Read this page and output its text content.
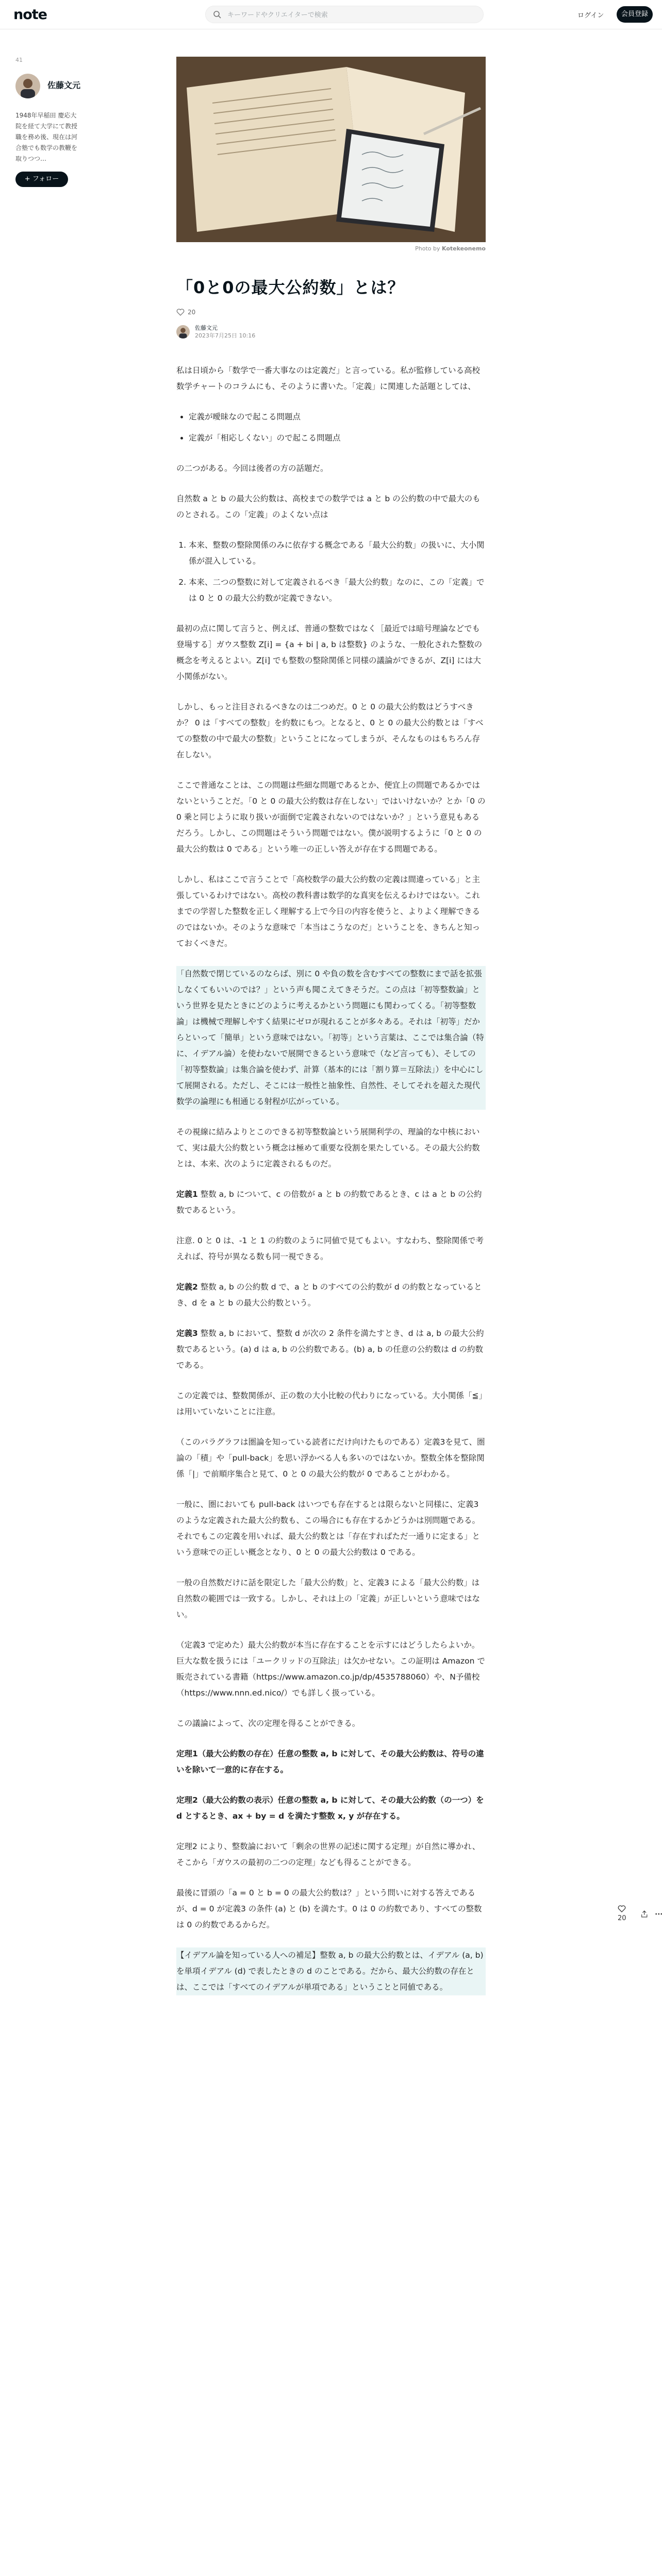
note
キーワードやクリエイターで検索	ログイン	会員登録
41
佐藤文元
1948年早稲田 慶応大院を経て大学にて教授職を務め後、現在は河合塾でも数学の教鞭を取りつつ…
+ フォロー
Photo by Kotekeonemo
「0と0の最大公約数」とは？
20
佐藤文元
2023年7月25日 10:16

私は日頃から「数学で一番大事なのは定義だ」と言っている。私が監修している高校数学チャートのコラムにも、そのように書いた。「定義」に関連した話題としては、

• 定義が曖昧なので起こる問題点
• 定義が「相応しくない」ので起こる問題点

の二つがある。今回は後者の方の話題だ。

自然数 a と b の最大公約数は、高校までの数学では a と b の公約数の中で最大のものとされる。この「定義」のよくない点は

1. 本来、整数の整除関係のみに依存する概念である「最大公約数」の扱いに、大小関係が混入している。
2. 本来、二つの整数に対して定義されるべき「最大公約数」なのに、この「定義」では 0 と 0 の最大公約数が定義できない。

最初の点に関して言うと、例えば、普通の整数ではなく［最近では暗号理論などでも登場する］ガウス整数 Z[i] = {a + bi | a, b は整数} のような、一般化された整数の概念を考えるとよい。Z[i] でも整数の整除関係と同様の議論ができるが、Z[i] には大小関係がない。

しかし、もっと注目されるべきなのは二つめだ。0 と 0 の最大公約数はどうすべきか？ 0 は「すべての整数」を約数にもつ。となると、0 と 0 の最大公約数とは「すべての整数の中で最大の整数」ということになってしまうが、そんなものはもちろん存在しない。

ここで普通なことは、この問題は些細な問題であるとか、便宜上の問題であるかではないということだ。「0 と 0 の最大公約数は存在しない」ではいけないか？とか「0 の 0 乗と同じように取り扱いが面倒で定義されないのではないか？」という意見もあるだろう。しかし、この問題はそういう問題ではない。僕が説明するように「0 と 0 の最大公約数は 0 である」という唯一の正しい答えが存在する問題である。

しかし、私はここで言うことで「高校数学の最大公約数の定義は間違っている」と主張しているわけではない。高校の教科書は数学的な真実を伝えるわけではない。これまでの学習した整数を正しく理解する上で今日の内容を使うと、よりよく理解できるのではないか。そのような意味で「本当はこうなのだ」ということを、きちんと知っておくべきだ。

「自然数で閉じているのならば、別に 0 や負の数を含むすべての整数にまで話を拡張しなくてもいいのでは？」という声も聞こえてきそうだ。この点は「初等整数論」という世界を見たときにどのように考えるかという問題にも関わってくる。「初等整数論」は機械で理解しやすく結果にゼロが現れることが多々ある。それは「初等」だからといって「簡単」という意味ではない。「初等」という言葉は、ここでは集合論（特に、イデアル論）を使わないで展開できるという意味で（など言っても）、そしての「初等整数論」は集合論を使わず、計算（基本的には「割り算＝互除法」）を中心にして展開される。ただし、そこには一般性と抽象性、自然性、そしてそれを超えた現代数学の論理にも相通じる射程が広がっている。

その視線に結みよりとこのできる初等整数論という展開利学の、理論的な中核において、実は最大公約数という概念は極めて重要な役割を果たしている。その最大公約数とは、本来、次のように定義されるものだ。

定義1 整数 a, b について、c の倍数が a と b の約数であるとき、c は a と b の公約数であるという。

注意. 0 と 0 は、-1 と 1 の約数のように同値で見てもよい。すなわち、整除関係で考えれば、符号が異なる数も同一視できる。

定義2 整数 a, b の公約数 d で、a と b のすべての公約数が d の約数となっているとき、d を a と b の最大公約数という。

定義3 整数 a, b において、整数 d が次の 2 条件を満たすとき、d は a, b の最大公約数であるという。(a) d は a, b の公約数である。(b) a, b の任意の公約数は d の約数である。

この定義では、整数関係が、正の数の大小比較の代わりになっている。大小関係「≦」は用いていないことに注意。

（このパラグラフは圏論を知っている読者にだけ向けたものである）定義3を見て、圏論の「積」や「pull-back」を思い浮かべる人も多いのではないか。整数全体を整除関係「|」で前順序集合と見て、0 と 0 の最大公約数が 0 であることがわかる。

一般に、圏においても pull-back はいつでも存在するとは限らないと同様に、定義3のような定義された最大公約数も、この場合にも存在するかどうかは別問題である。それでもこの定義を用いれば、最大公約数とは「存在すればただ一通りに定まる」という意味での正しい概念となり、0 と 0 の最大公約数は 0 である。

一般の自然数だけに話を限定した「最大公約数」と、定義3 による「最大公約数」は自然数の範囲では一致する。しかし、それは上の「定義」が正しいという意味ではない。

（定義3 で定めた）最大公約数が本当に存在することを示すにはどうしたらよいか。巨大な数を扱うには「ユークリッドの互除法」は欠かせない。この証明は Amazon で販売されている書籍（https://www.amazon.co.jp/dp/4535788060）や、N予備校（https://www.nnn.ed.nico/）でも詳しく扱っている。

この議論によって、次の定理を得ることができる。

定理1（最大公約数の存在）任意の整数 a, b に対して、その最大公約数は、符号の違いを除いて一意的に存在する。

定理2（最大公約数の表示）任意の整数 a, b に対して、その最大公約数（の一つ）を d とするとき、ax + by = d を満たす整数 x, y が存在する。

定理2 により、整数論において「剰余の世界の記述に関する定理」が自然に導かれ、そこから「ガウスの最初の二つの定理」なども得ることができる。

最後に冒頭の「a = 0 と b = 0 の最大公約数は？」という問いに対する答えであるが、d = 0 が定義3 の条件 (a) と (b) を満たす。0 は 0 の約数であり、すべての整数は 0 の約数であるからだ。

【イデアル論を知っている人への補足】整数 a, b の最大公約数とは、イデアル (a, b) を単項イデアル (d) で表したときの d のことである。だから、最大公約数の存在とは、ここでは「すべてのイデアルが単項である」ということと同値である。

20
